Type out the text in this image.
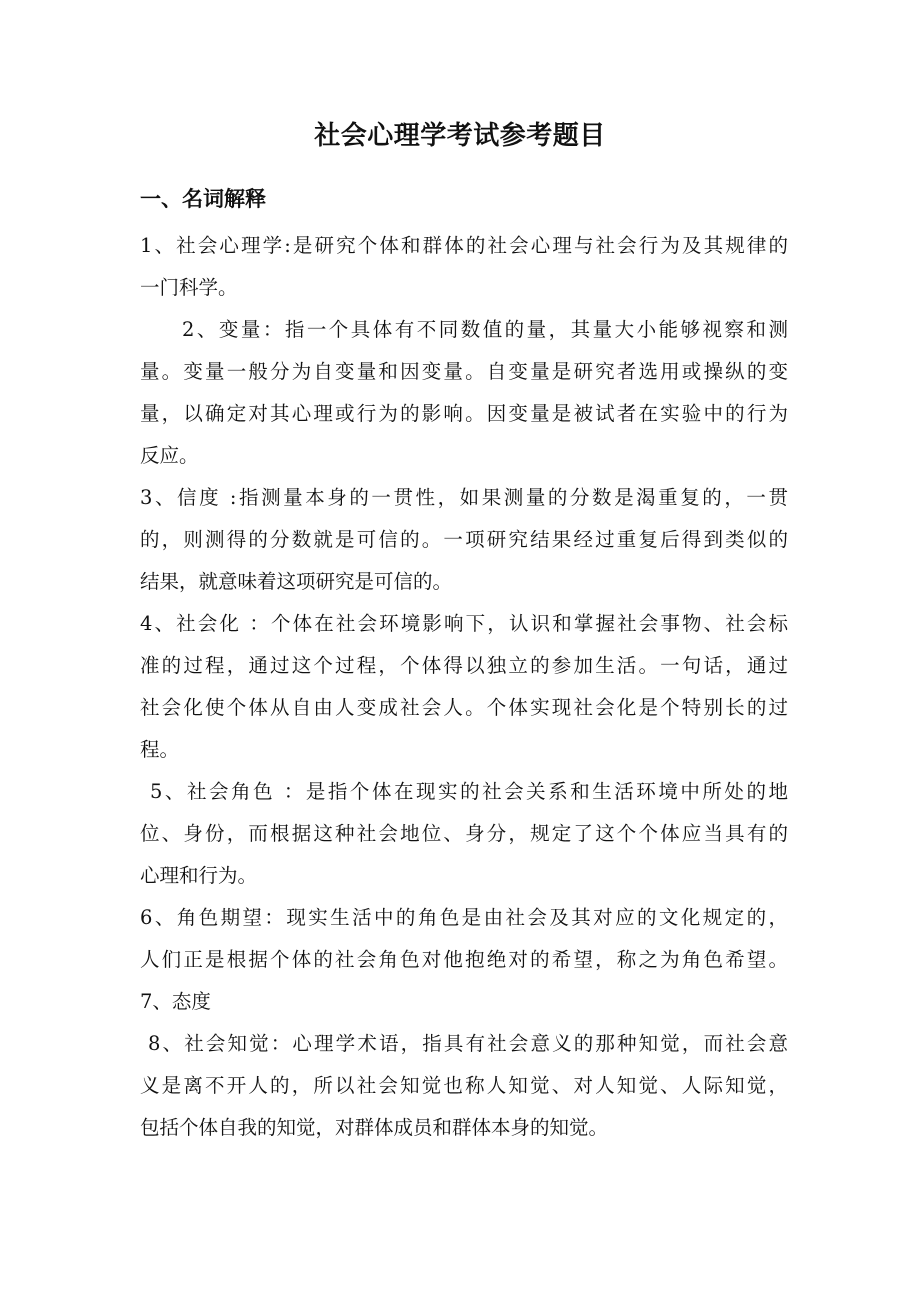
社会心理学考试参考题目
一、名词解释
1、社会心理学:是研究个体和群体的社会心理与社会行为及其规律的
一门科学。
2、变量：指一个具体有不同数值的量，其量大小能够视察和测
量。变量一般分为自变量和因变量。自变量是研究者选用或操纵的变
量，以确定对其心理或行为的影响。因变量是被试者在实验中的行为
反应。
3、信度 :指测量本身的一贯性，如果测量的分数是渴重复的，一贯
的，则测得的分数就是可信的。一项研究结果经过重复后得到类似的
结果，就意味着这项研究是可信的。
4、社会化 ：个体在社会环境影响下，认识和掌握社会事物、社会标
准的过程，通过这个过程，个体得以独立的参加生活。一句话，通过
社会化使个体从自由人变成社会人。个体实现社会化是个特别长的过
程。
5、社会角色 ：是指个体在现实的社会关系和生活环境中所处的地
位、身份，而根据这种社会地位、身分，规定了这个个体应当具有的
心理和行为。
6、角色期望：现实生活中的角色是由社会及其对应的文化规定的，
人们正是根据个体的社会角色对他抱绝对的希望，称之为角色希望。
7、态度
8、社会知觉：心理学术语，指具有社会意义的那种知觉，而社会意
义是离不开人的，所以社会知觉也称人知觉、对人知觉、人际知觉，
包括个体自我的知觉，对群体成员和群体本身的知觉。
